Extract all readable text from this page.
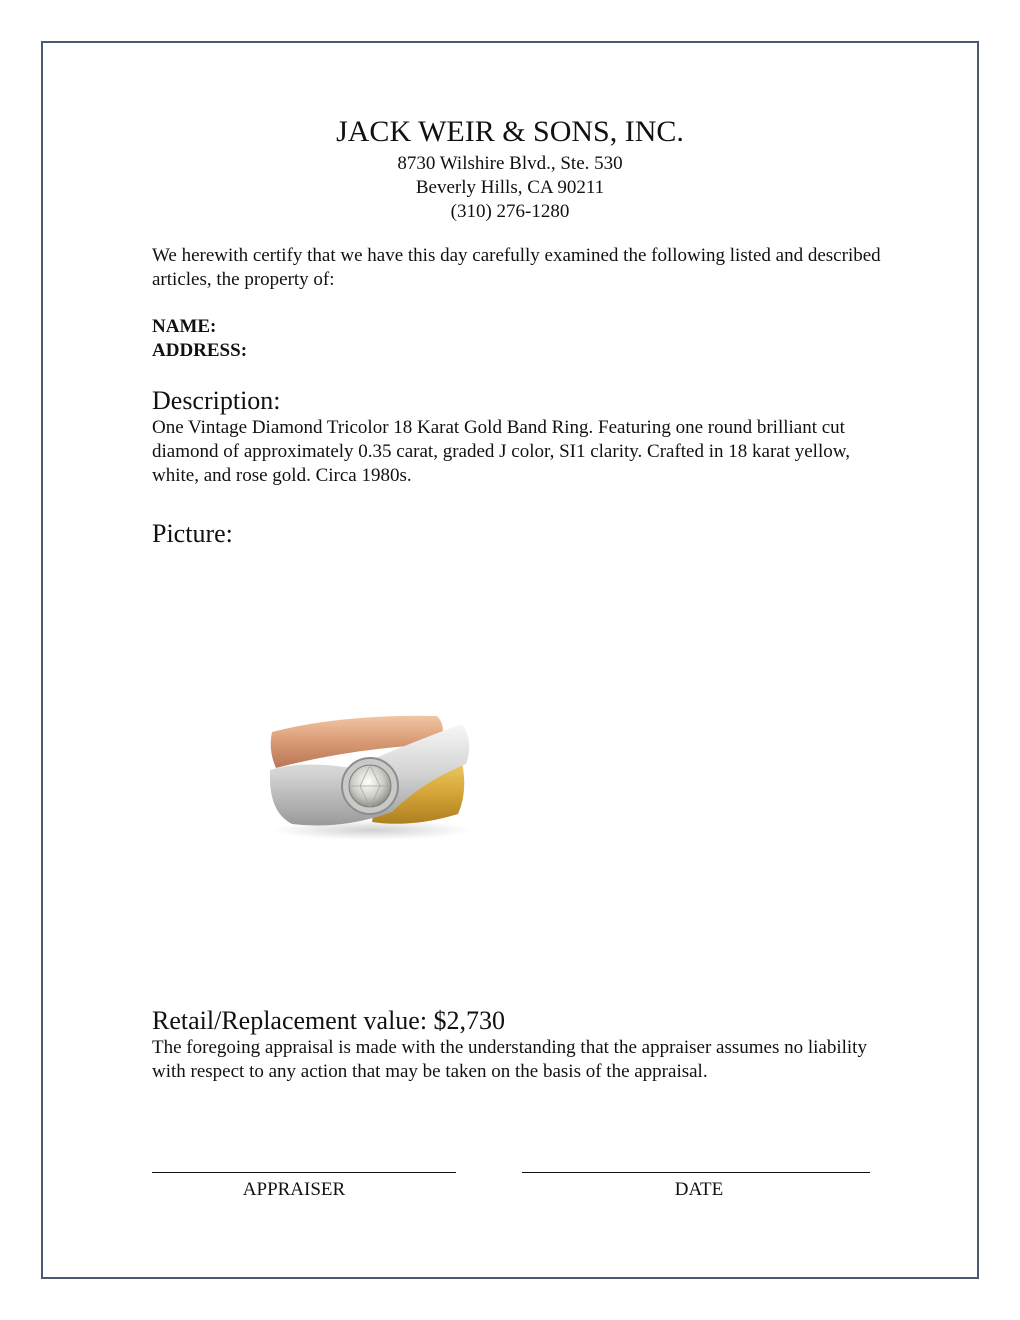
JACK WEIR & SONS, INC.
8730 Wilshire Blvd., Ste. 530
Beverly Hills, CA 90211
(310) 276-1280
We herewith certify that we have this day carefully examined the following listed and described articles, the property of:
NAME:
ADDRESS:
Description:
One Vintage Diamond Tricolor 18 Karat Gold Band Ring. Featuring one round brilliant cut diamond of approximately 0.35 carat, graded J color, SI1 clarity. Crafted in 18 karat yellow, white, and rose gold. Circa 1980s.
Picture:
Retail/Replacement value: $2,730
The foregoing appraisal is made with the understanding that the appraiser assumes no liability with respect to any action that may be taken on the basis of the appraisal.
APPRAISER	DATE
